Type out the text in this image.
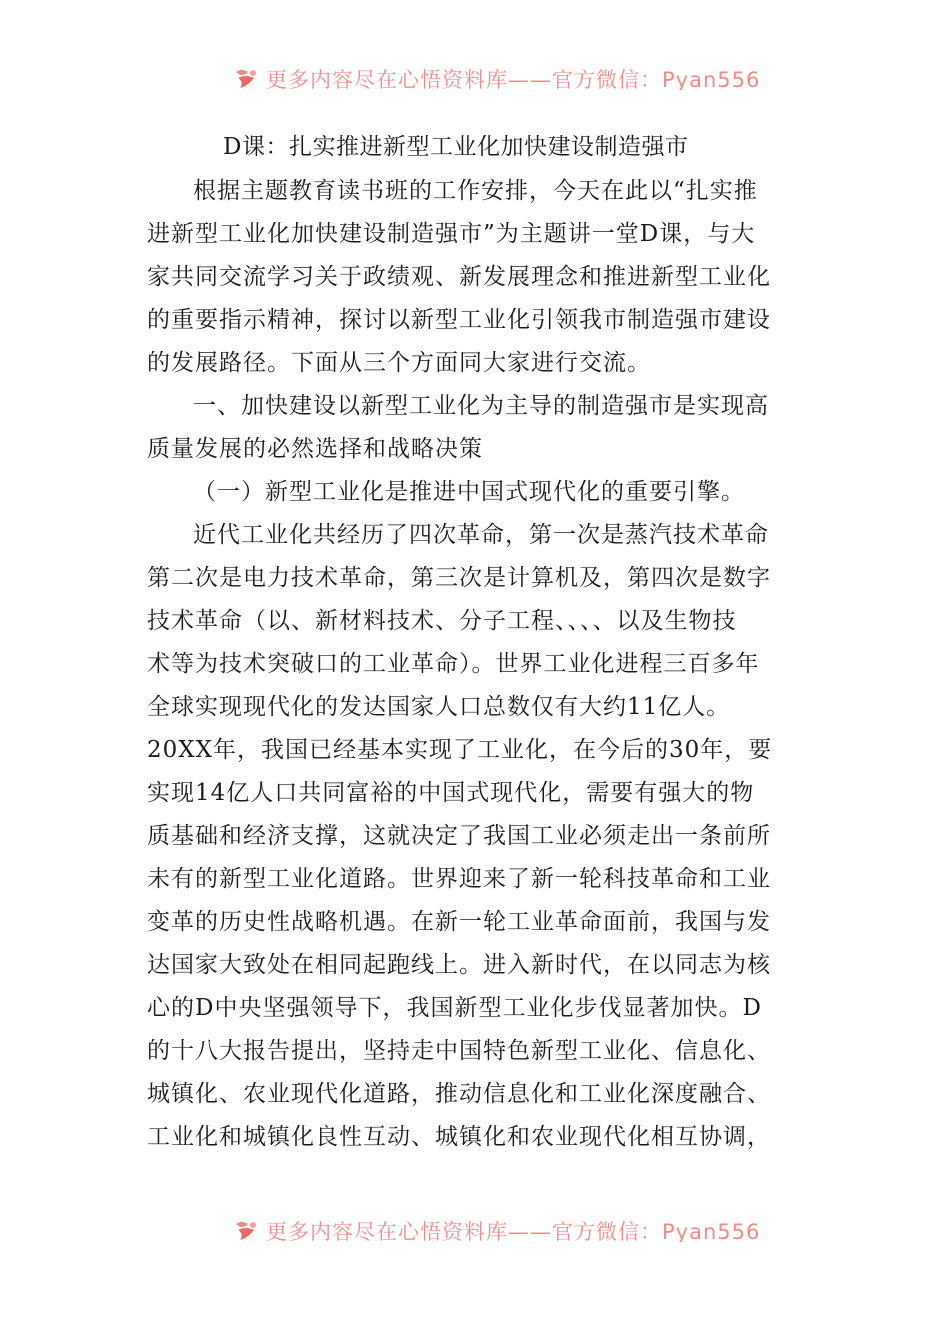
更多内容尽在心悟资料库——官方微信：Pyan556
D课：扎实推进新型工业化加快建设制造强市

根据主题教育读书班的工作安排，今天在此以“扎实推
进新型工业化加快建设制造强市”为主题讲一堂D课，与大
家共同交流学习关于政绩观、新发展理念和推进新型工业化
的重要指示精神，探讨以新型工业化引领我市制造强市建设
的发展路径。下面从三个方面同大家进行交流。

一、加快建设以新型工业化为主导的制造强市是实现高
质量发展的必然选择和战略决策

（一）新型工业化是推进中国式现代化的重要引擎。

近代工业化共经历了四次革命，第一次是蒸汽技术革命
第二次是电力技术革命，第三次是计算机及，第四次是数字
技术革命（以、新材料技术、分子工程、、、、以及生物技
术等为技术突破口的工业革命）。世界工业化进程三百多年
全球实现现代化的发达国家人口总数仅有大约11亿人。
20XX年，我国已经基本实现了工业化，在今后的30年，要
实现14亿人口共同富裕的中国式现代化，需要有强大的物
质基础和经济支撑，这就决定了我国工业必须走出一条前所
未有的新型工业化道路。世界迎来了新一轮科技革命和工业
变革的历史性战略机遇。在新一轮工业革命面前，我国与发
达国家大致处在相同起跑线上。进入新时代，在以同志为核
心的D中央坚强领导下，我国新型工业化步伐显著加快。D
的十八大报告提出，坚持走中国特色新型工业化、信息化、
城镇化、农业现代化道路，推动信息化和工业化深度融合、
工业化和城镇化良性互动、城镇化和农业现代化相互协调，

更多内容尽在心悟资料库——官方微信：Pyan556
